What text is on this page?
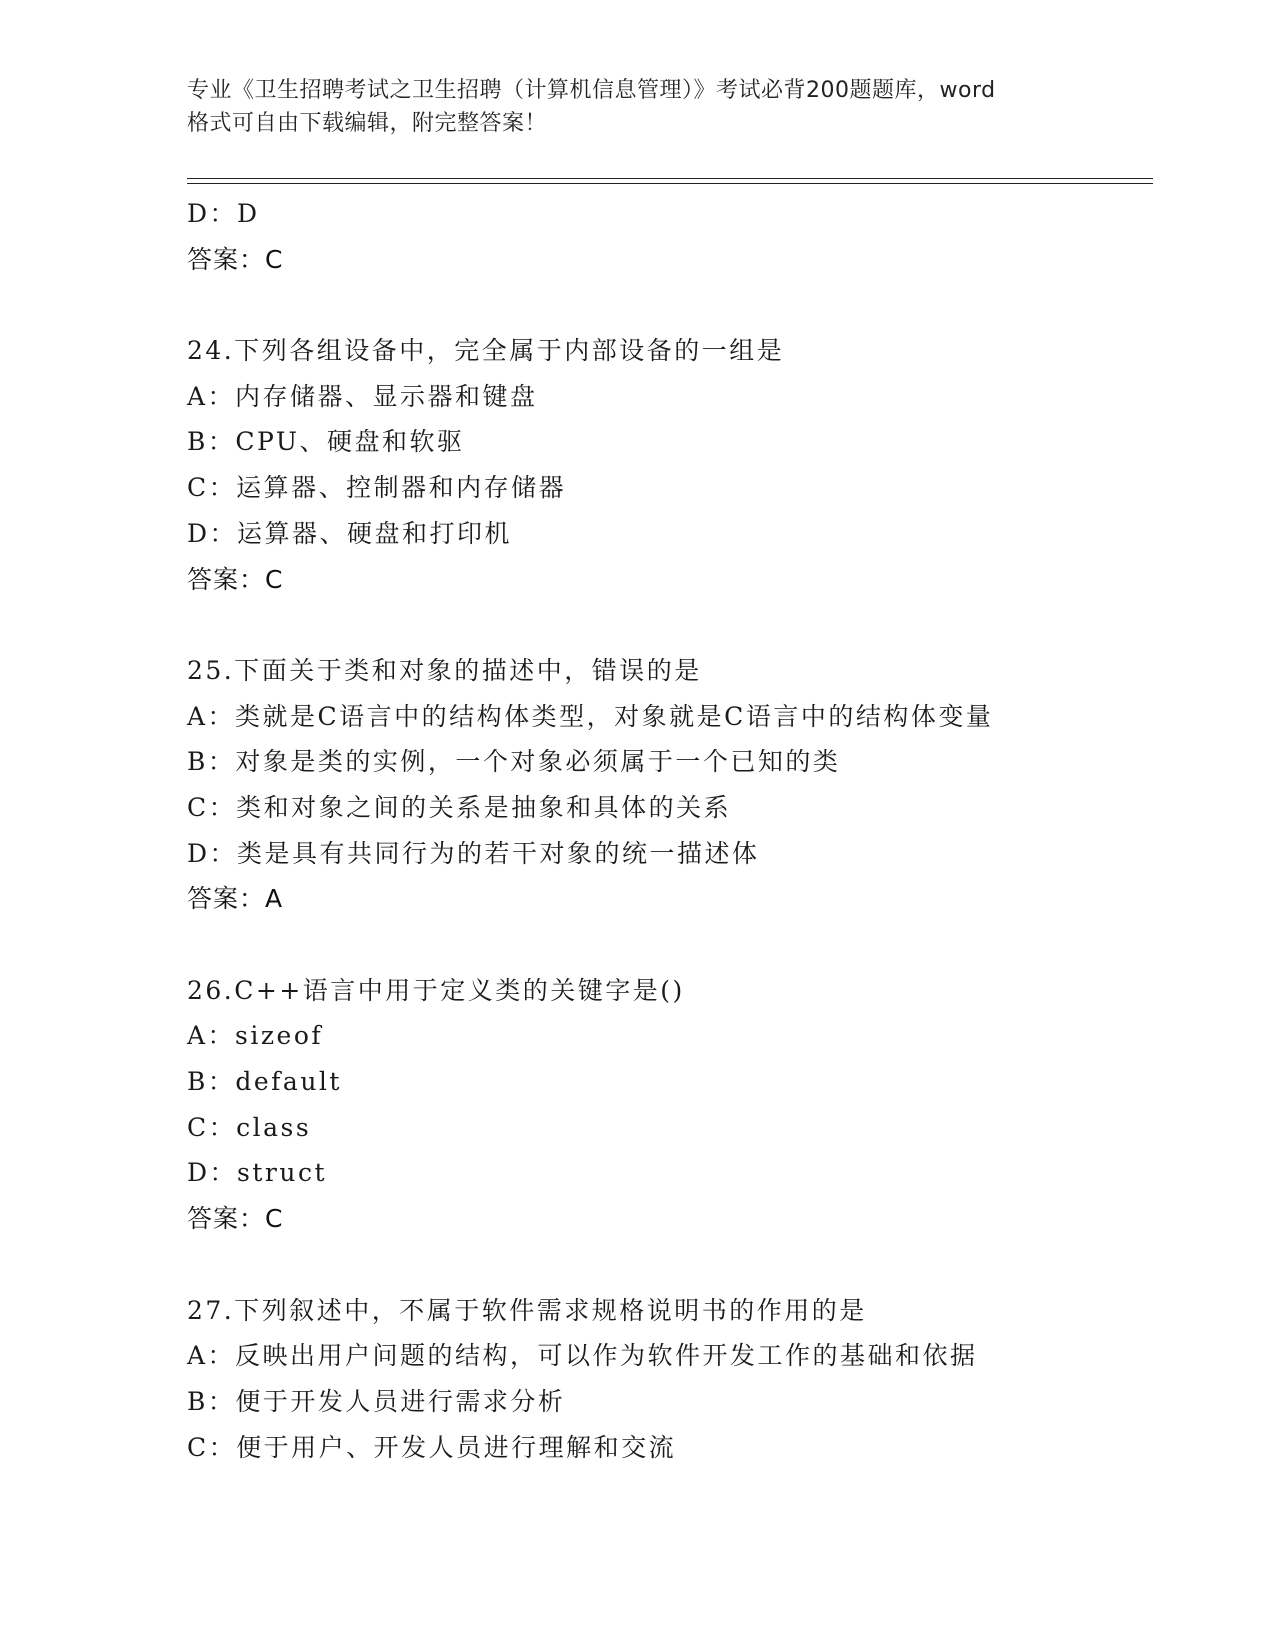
专业《卫生招聘考试之卫生招聘（计算机信息管理）》考试必背200题题库，word
格式可自由下载编辑，附完整答案！
D：D
答案：C
24.下列各组设备中，完全属于内部设备的一组是
A：内存储器、显示器和键盘
B：CPU、硬盘和软驱
C：运算器、控制器和内存储器
D：运算器、硬盘和打印机
答案：C
25.下面关于类和对象的描述中，错误的是
A：类就是C语言中的结构体类型，对象就是C语言中的结构体变量
B：对象是类的实例，一个对象必须属于一个已知的类
C：类和对象之间的关系是抽象和具体的关系
D：类是具有共同行为的若干对象的统一描述体
答案：A
26.C++语言中用于定义类的关键字是()
A：sizeof
B：default
C：class
D：struct
答案：C
27.下列叙述中，不属于软件需求规格说明书的作用的是
A：反映出用户问题的结构，可以作为软件开发工作的基础和依据
B：便于开发人员进行需求分析
C：便于用户、开发人员进行理解和交流
